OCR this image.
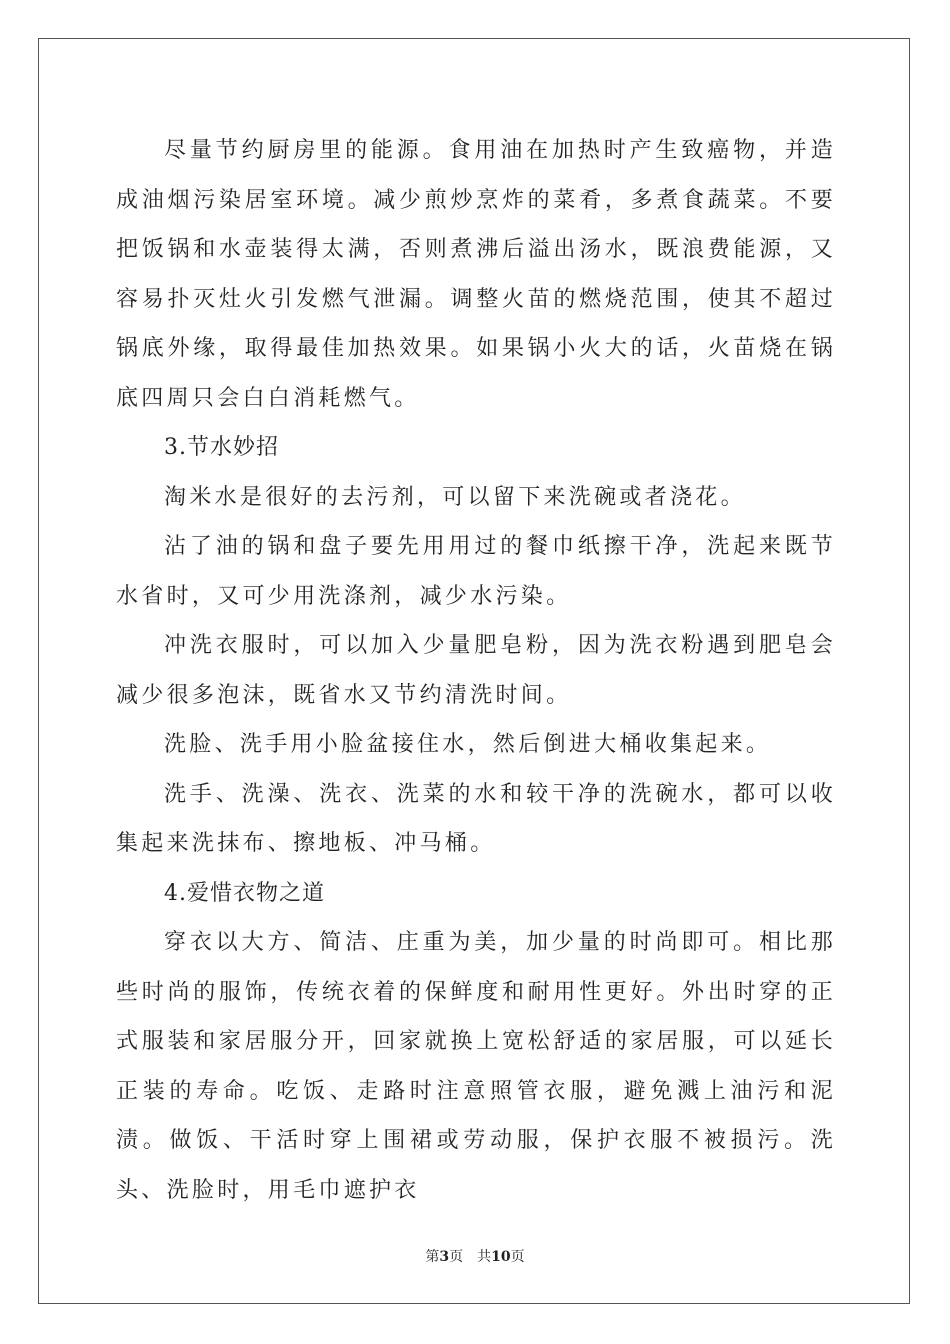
尽量节约厨房里的能源。食用油在加热时产生致癌物，并造成油烟污染居室环境。减少煎炒烹炸的菜肴，多煮食蔬菜。不要把饭锅和水壶装得太满，否则煮沸后溢出汤水，既浪费能源，又容易扑灭灶火引发燃气泄漏。调整火苗的燃烧范围，使其不超过锅底外缘，取得最佳加热效果。如果锅小火大的话，火苗烧在锅底四周只会白白消耗燃气。

3.节水妙招

淘米水是很好的去污剂，可以留下来洗碗或者浇花。

沾了油的锅和盘子要先用用过的餐巾纸擦干净，洗起来既节水省时，又可少用洗涤剂，减少水污染。

冲洗衣服时，可以加入少量肥皂粉，因为洗衣粉遇到肥皂会减少很多泡沫，既省水又节约清洗时间。

洗脸、洗手用小脸盆接住水，然后倒进大桶收集起来。

洗手、洗澡、洗衣、洗菜的水和较干净的洗碗水，都可以收集起来洗抹布、擦地板、冲马桶。

4.爱惜衣物之道

穿衣以大方、简洁、庄重为美，加少量的时尚即可。相比那些时尚的服饰，传统衣着的保鲜度和耐用性更好。外出时穿的正式服装和家居服分开，回家就换上宽松舒适的家居服，可以延长正装的寿命。吃饭、走路时注意照管衣服，避免溅上油污和泥渍。做饭、干活时穿上围裙或劳动服，保护衣服不被损污。洗头、洗脸时，用毛巾遮护衣

第3页 共10页
